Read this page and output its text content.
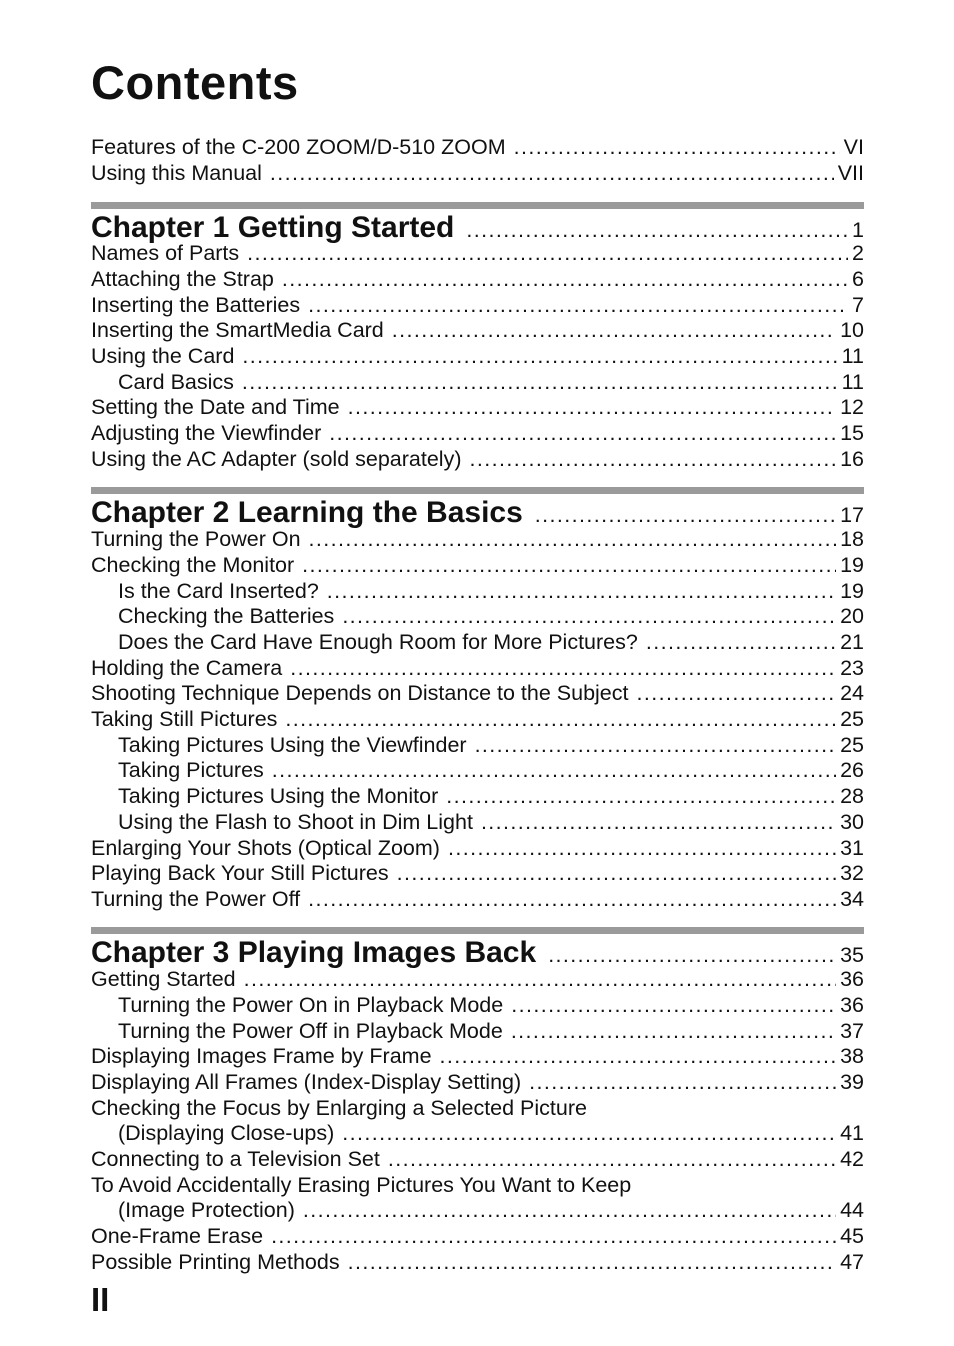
Contents
Features of the C-200 ZOOM/D-510 ZOOM .....	VI
Using this Manual .....	VII
Chapter 1 Getting Started .....	1
Names of Parts .....	2
Attaching the Strap .....	6
Inserting the Batteries .....	7
Inserting the SmartMedia Card .....	10
Using the Card .....	11
Card Basics .....	11
Setting the Date and Time .....	12
Adjusting the Viewfinder .....	15
Using the AC Adapter (sold separately) .....	16
Chapter 2 Learning the Basics .....	17
Turning the Power On .....	18
Checking the Monitor .....	19
Is the Card Inserted? .....	19
Checking the Batteries .....	20
Does the Card Have Enough Room for More Pictures? .....	21
Holding the Camera .....	23
Shooting Technique Depends on Distance to the Subject .....	24
Taking Still Pictures .....	25
Taking Pictures Using the Viewfinder .....	25
Taking Pictures .....	26
Taking Pictures Using the Monitor .....	28
Using the Flash to Shoot in Dim Light .....	30
Enlarging Your Shots (Optical Zoom) .....	31
Playing Back Your Still Pictures .....	32
Turning the Power Off .....	34
Chapter 3 Playing Images Back .....	35
Getting Started .....	36
Turning the Power On in Playback Mode .....	36
Turning the Power Off in Playback Mode .....	37
Displaying Images Frame by Frame .....	38
Displaying All Frames (Index-Display Setting) .....	39
Checking the Focus by Enlarging a Selected Picture
(Displaying Close-ups) .....	41
Connecting to a Television Set .....	42
To Avoid Accidentally Erasing Pictures You Want to Keep
(Image Protection) .....	44
One-Frame Erase .....	45
Possible Printing Methods .....	47
II
